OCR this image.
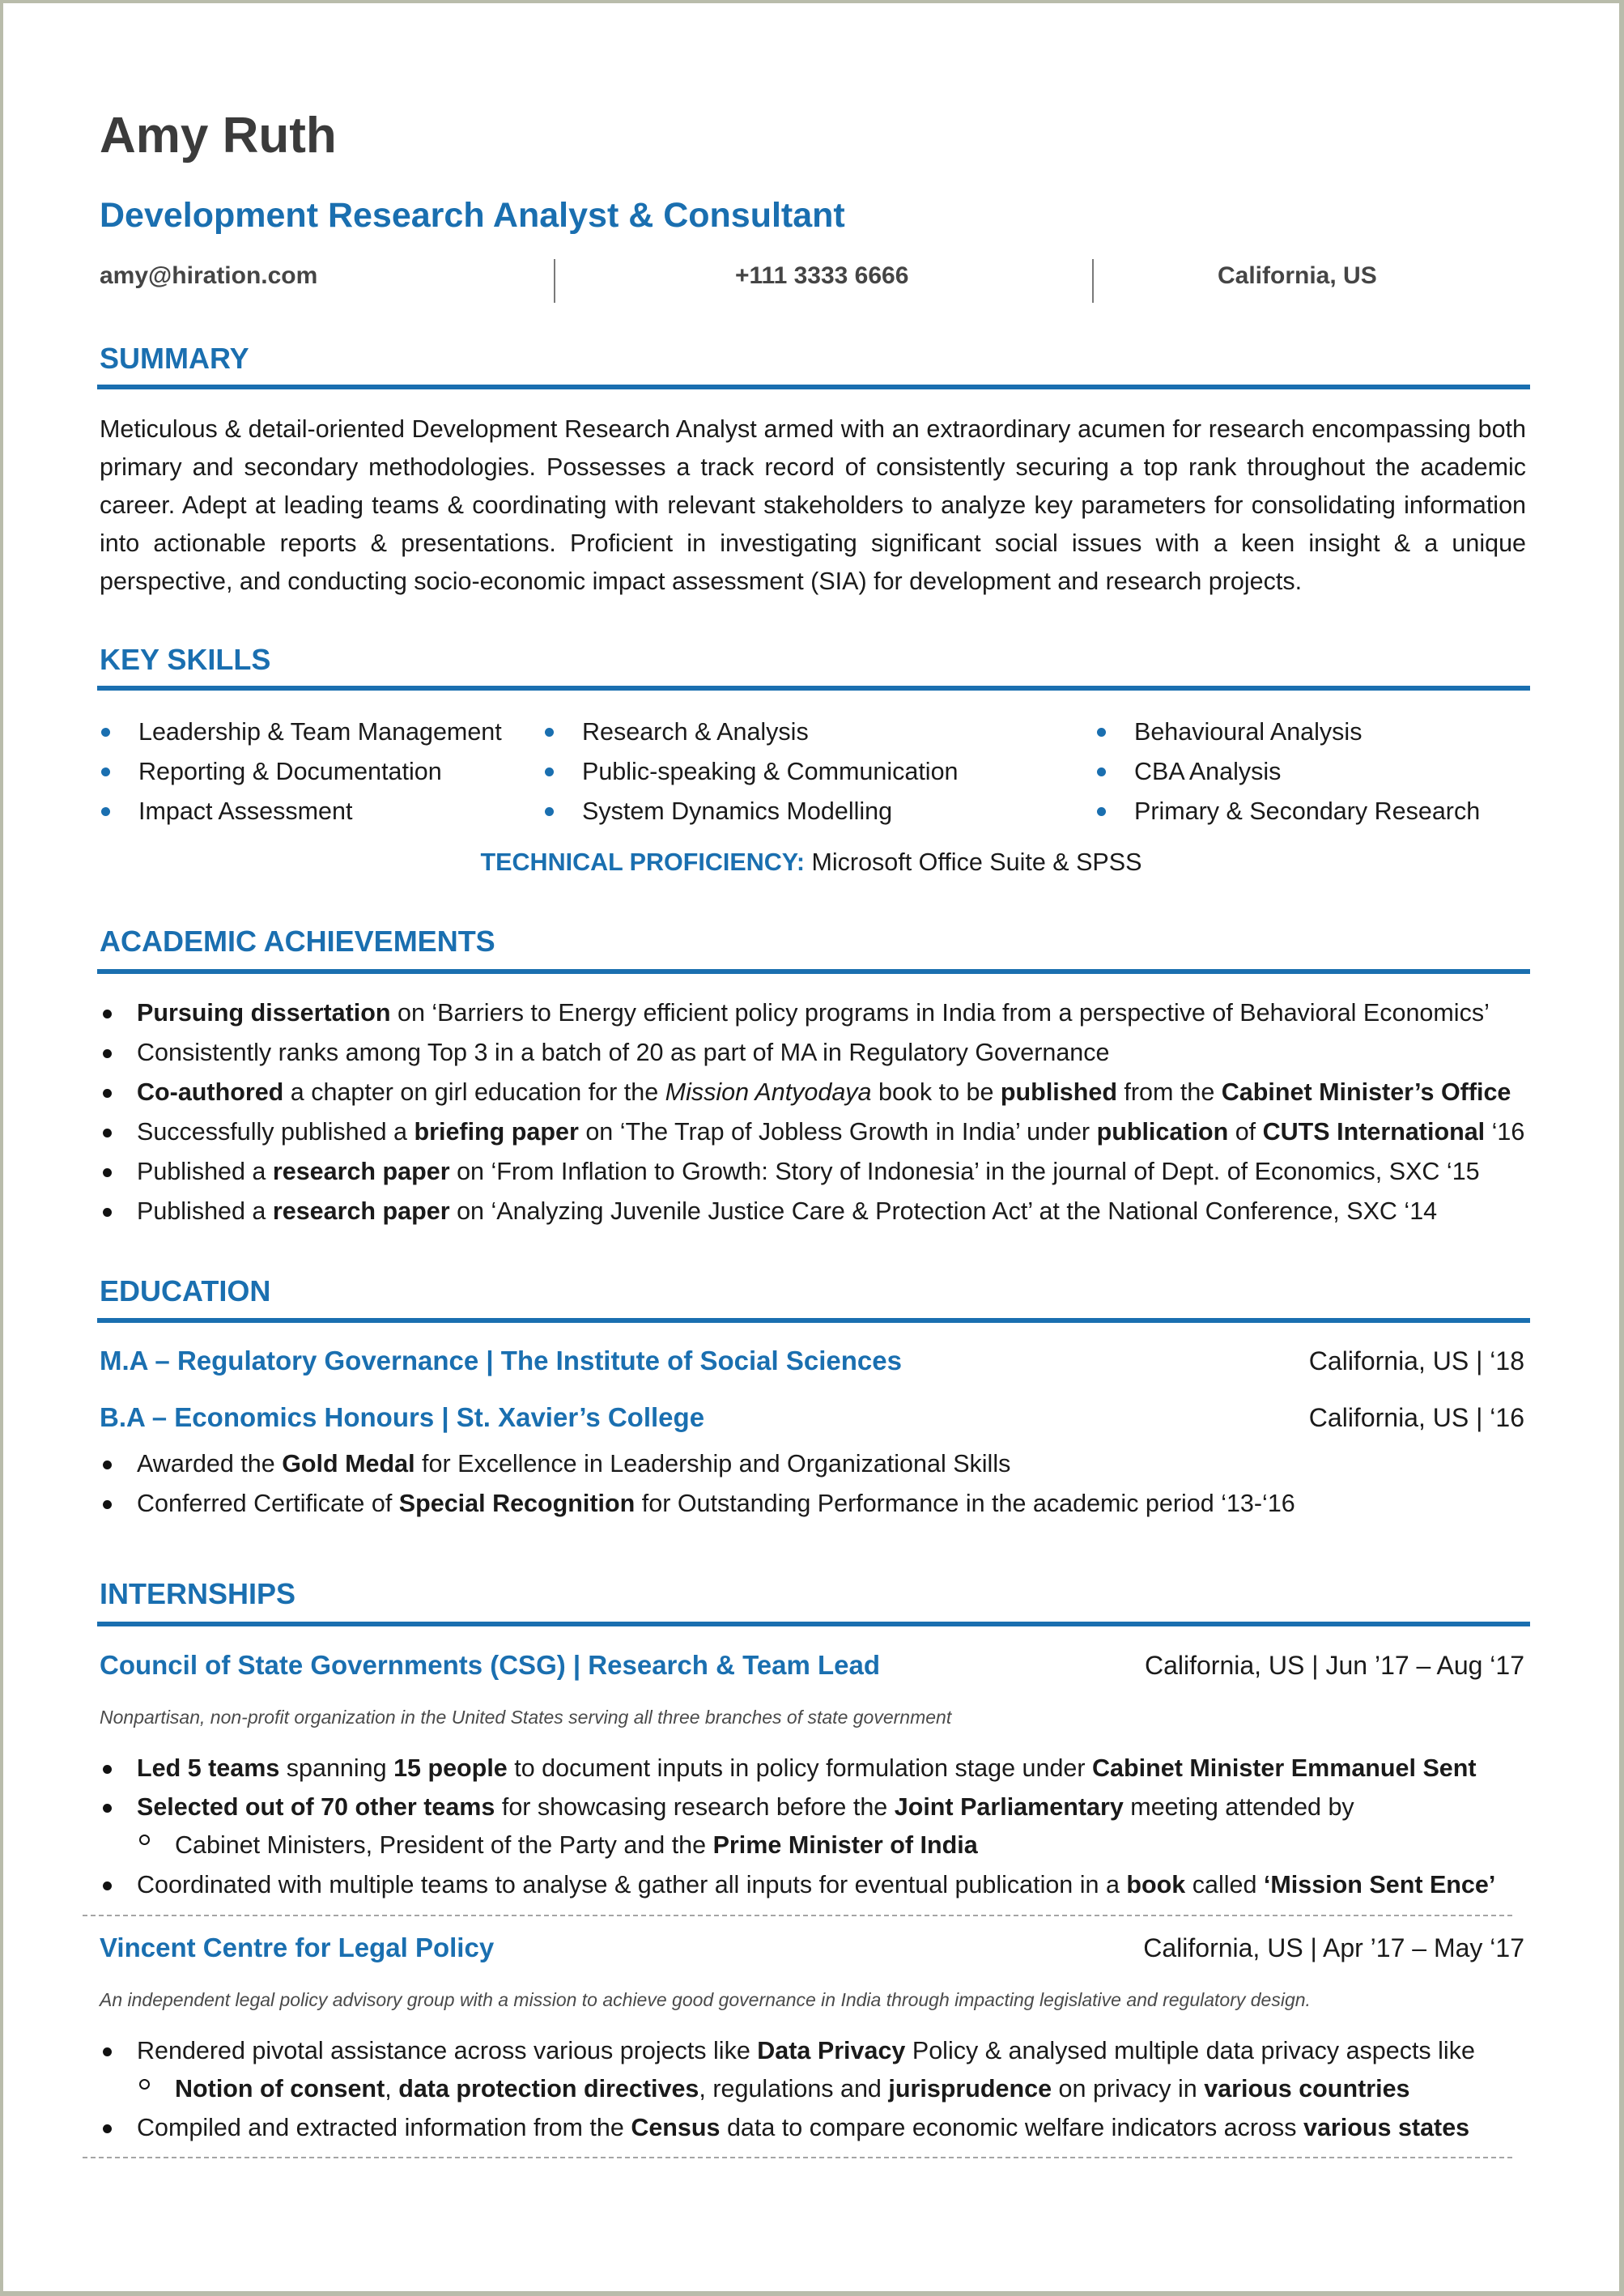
Amy Ruth
Development Research Analyst & Consultant
amy@hiration.com	+111 3333 6666	California, US
SUMMARY
Meticulous & detail-oriented Development Research Analyst armed with an extraordinary acumen for research encompassing both primary and secondary methodologies. Possesses a track record of consistently securing a top rank throughout the academic career. Adept at leading teams & coordinating with relevant stakeholders to analyze key parameters for consolidating information into actionable reports & presentations. Proficient in investigating significant social issues with a keen insight & a unique perspective, and conducting socio-economic impact assessment (SIA) for development and research projects.
KEY SKILLS
Leadership & Team Management
Reporting & Documentation
Impact Assessment
Research & Analysis
Public-speaking & Communication
System Dynamics Modelling
Behavioural Analysis
CBA Analysis
Primary & Secondary Research
TECHNICAL PROFICIENCY: Microsoft Office Suite & SPSS
ACADEMIC ACHIEVEMENTS
Pursuing dissertation on ‘Barriers to Energy efficient policy programs in India from a perspective of Behavioral Economics’
Consistently ranks among Top 3 in a batch of 20 as part of MA in Regulatory Governance
Co-authored a chapter on girl education for the Mission Antyodaya book to be published from the Cabinet Minister’s Office
Successfully published a briefing paper on ‘The Trap of Jobless Growth in India’ under publication of CUTS International ‘16
Published a research paper on ‘From Inflation to Growth: Story of Indonesia’ in the journal of Dept. of Economics, SXC ‘15
Published a research paper on ‘Analyzing Juvenile Justice Care & Protection Act’ at the National Conference, SXC ‘14
EDUCATION
M.A – Regulatory Governance | The Institute of Social Sciences	California, US | ‘18
B.A – Economics Honours | St. Xavier’s College	California, US | ‘16
Awarded the Gold Medal for Excellence in Leadership and Organizational Skills
Conferred Certificate of Special Recognition for Outstanding Performance in the academic period ‘13-‘16
INTERNSHIPS
Council of State Governments (CSG) | Research & Team Lead	California, US | Jun ’17 – Aug ‘17
Nonpartisan, non-profit organization in the United States serving all three branches of state government
Led 5 teams spanning 15 people to document inputs in policy formulation stage under Cabinet Minister Emmanuel Sent
Selected out of 70 other teams for showcasing research before the Joint Parliamentary meeting attended by
Cabinet Ministers, President of the Party and the Prime Minister of India
Coordinated with multiple teams to analyse & gather all inputs for eventual publication in a book called ‘Mission Sent Ence’
Vincent Centre for Legal Policy	California, US | Apr ’17 – May ‘17
An independent legal policy advisory group with a mission to achieve good governance in India through impacting legislative and regulatory design.
Rendered pivotal assistance across various projects like Data Privacy Policy & analysed multiple data privacy aspects like
Notion of consent, data protection directives, regulations and jurisprudence on privacy in various countries
Compiled and extracted information from the Census data to compare economic welfare indicators across various states
